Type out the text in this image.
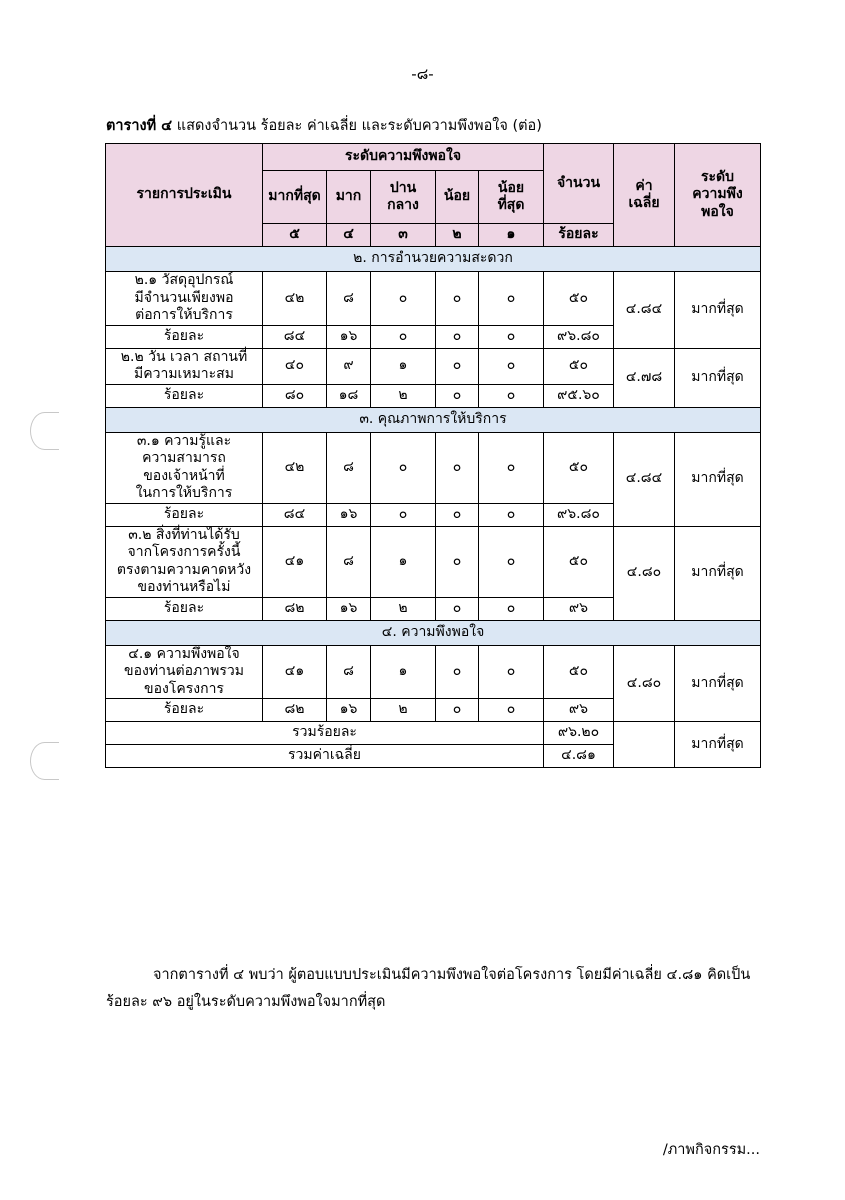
-๘-
ตารางที่ ๔ แสดงจำนวน ร้อยละ ค่าเฉลี่ย และระดับความพึงพอใจ (ต่อ)
รายการประเมิน	ระดับความพึงพอใจ					จำนวน	ค่า
เฉลี่ย	ระดับ
ความพึง
พอใจ
	มากที่สุด	มาก	ปาน
กลาง	น้อย	น้อย
ที่สุด			
	๕	๔	๓	๒	๑	ร้อยละ		
๒. การอำนวยความสะดวก								
๒.๑ วัสดุอุปกรณ์
มีจำนวนเพียงพอ
ต่อการให้บริการ	๔๒	๘	๐	๐	๐	๕๐	๔.๘๔	มากที่สุด
ร้อยละ	๘๔	๑๖	๐	๐	๐	๙๖.๘๐		
๒.๒ วัน เวลา สถานที่
มีความเหมาะสม	๔๐	๙	๑	๐	๐	๕๐	๔.๗๘	มากที่สุด
ร้อยละ	๘๐	๑๘	๒	๐	๐	๙๕.๖๐		
๓. คุณภาพการให้บริการ								
๓.๑ ความรู้และ
ความสามารถ
ของเจ้าหน้าที่
ในการให้บริการ	๔๒	๘	๐	๐	๐	๕๐	๔.๘๔	มากที่สุด
ร้อยละ	๘๔	๑๖	๐	๐	๐	๙๖.๘๐		
๓.๒ สิ่งที่ท่านได้รับ
จากโครงการครั้งนี้
ตรงตามความคาดหวัง
ของท่านหรือไม่	๔๑	๘	๑	๐	๐	๕๐	๔.๘๐	มากที่สุด
ร้อยละ	๘๒	๑๖	๒	๐	๐	๙๖		
๔. ความพึงพอใจ								
๔.๑ ความพึงพอใจ
ของท่านต่อภาพรวม
ของโครงการ	๔๑	๘	๑	๐	๐	๕๐	๔.๘๐	มากที่สุด
ร้อยละ	๘๒	๑๖	๒	๐	๐	๙๖		
รวมร้อยละ						๙๖.๒๐		มากที่สุด
รวมค่าเฉลี่ย						๔.๘๑		
จากตารางที่ ๔ พบว่า ผู้ตอบแบบประเมินมีความพึงพอใจต่อโครงการ โดยมีค่าเฉลี่ย ๔.๘๑ คิดเป็นร้อยละ ๙๖ อยู่ในระดับความพึงพอใจมากที่สุด
/ภาพกิจกรรม...
